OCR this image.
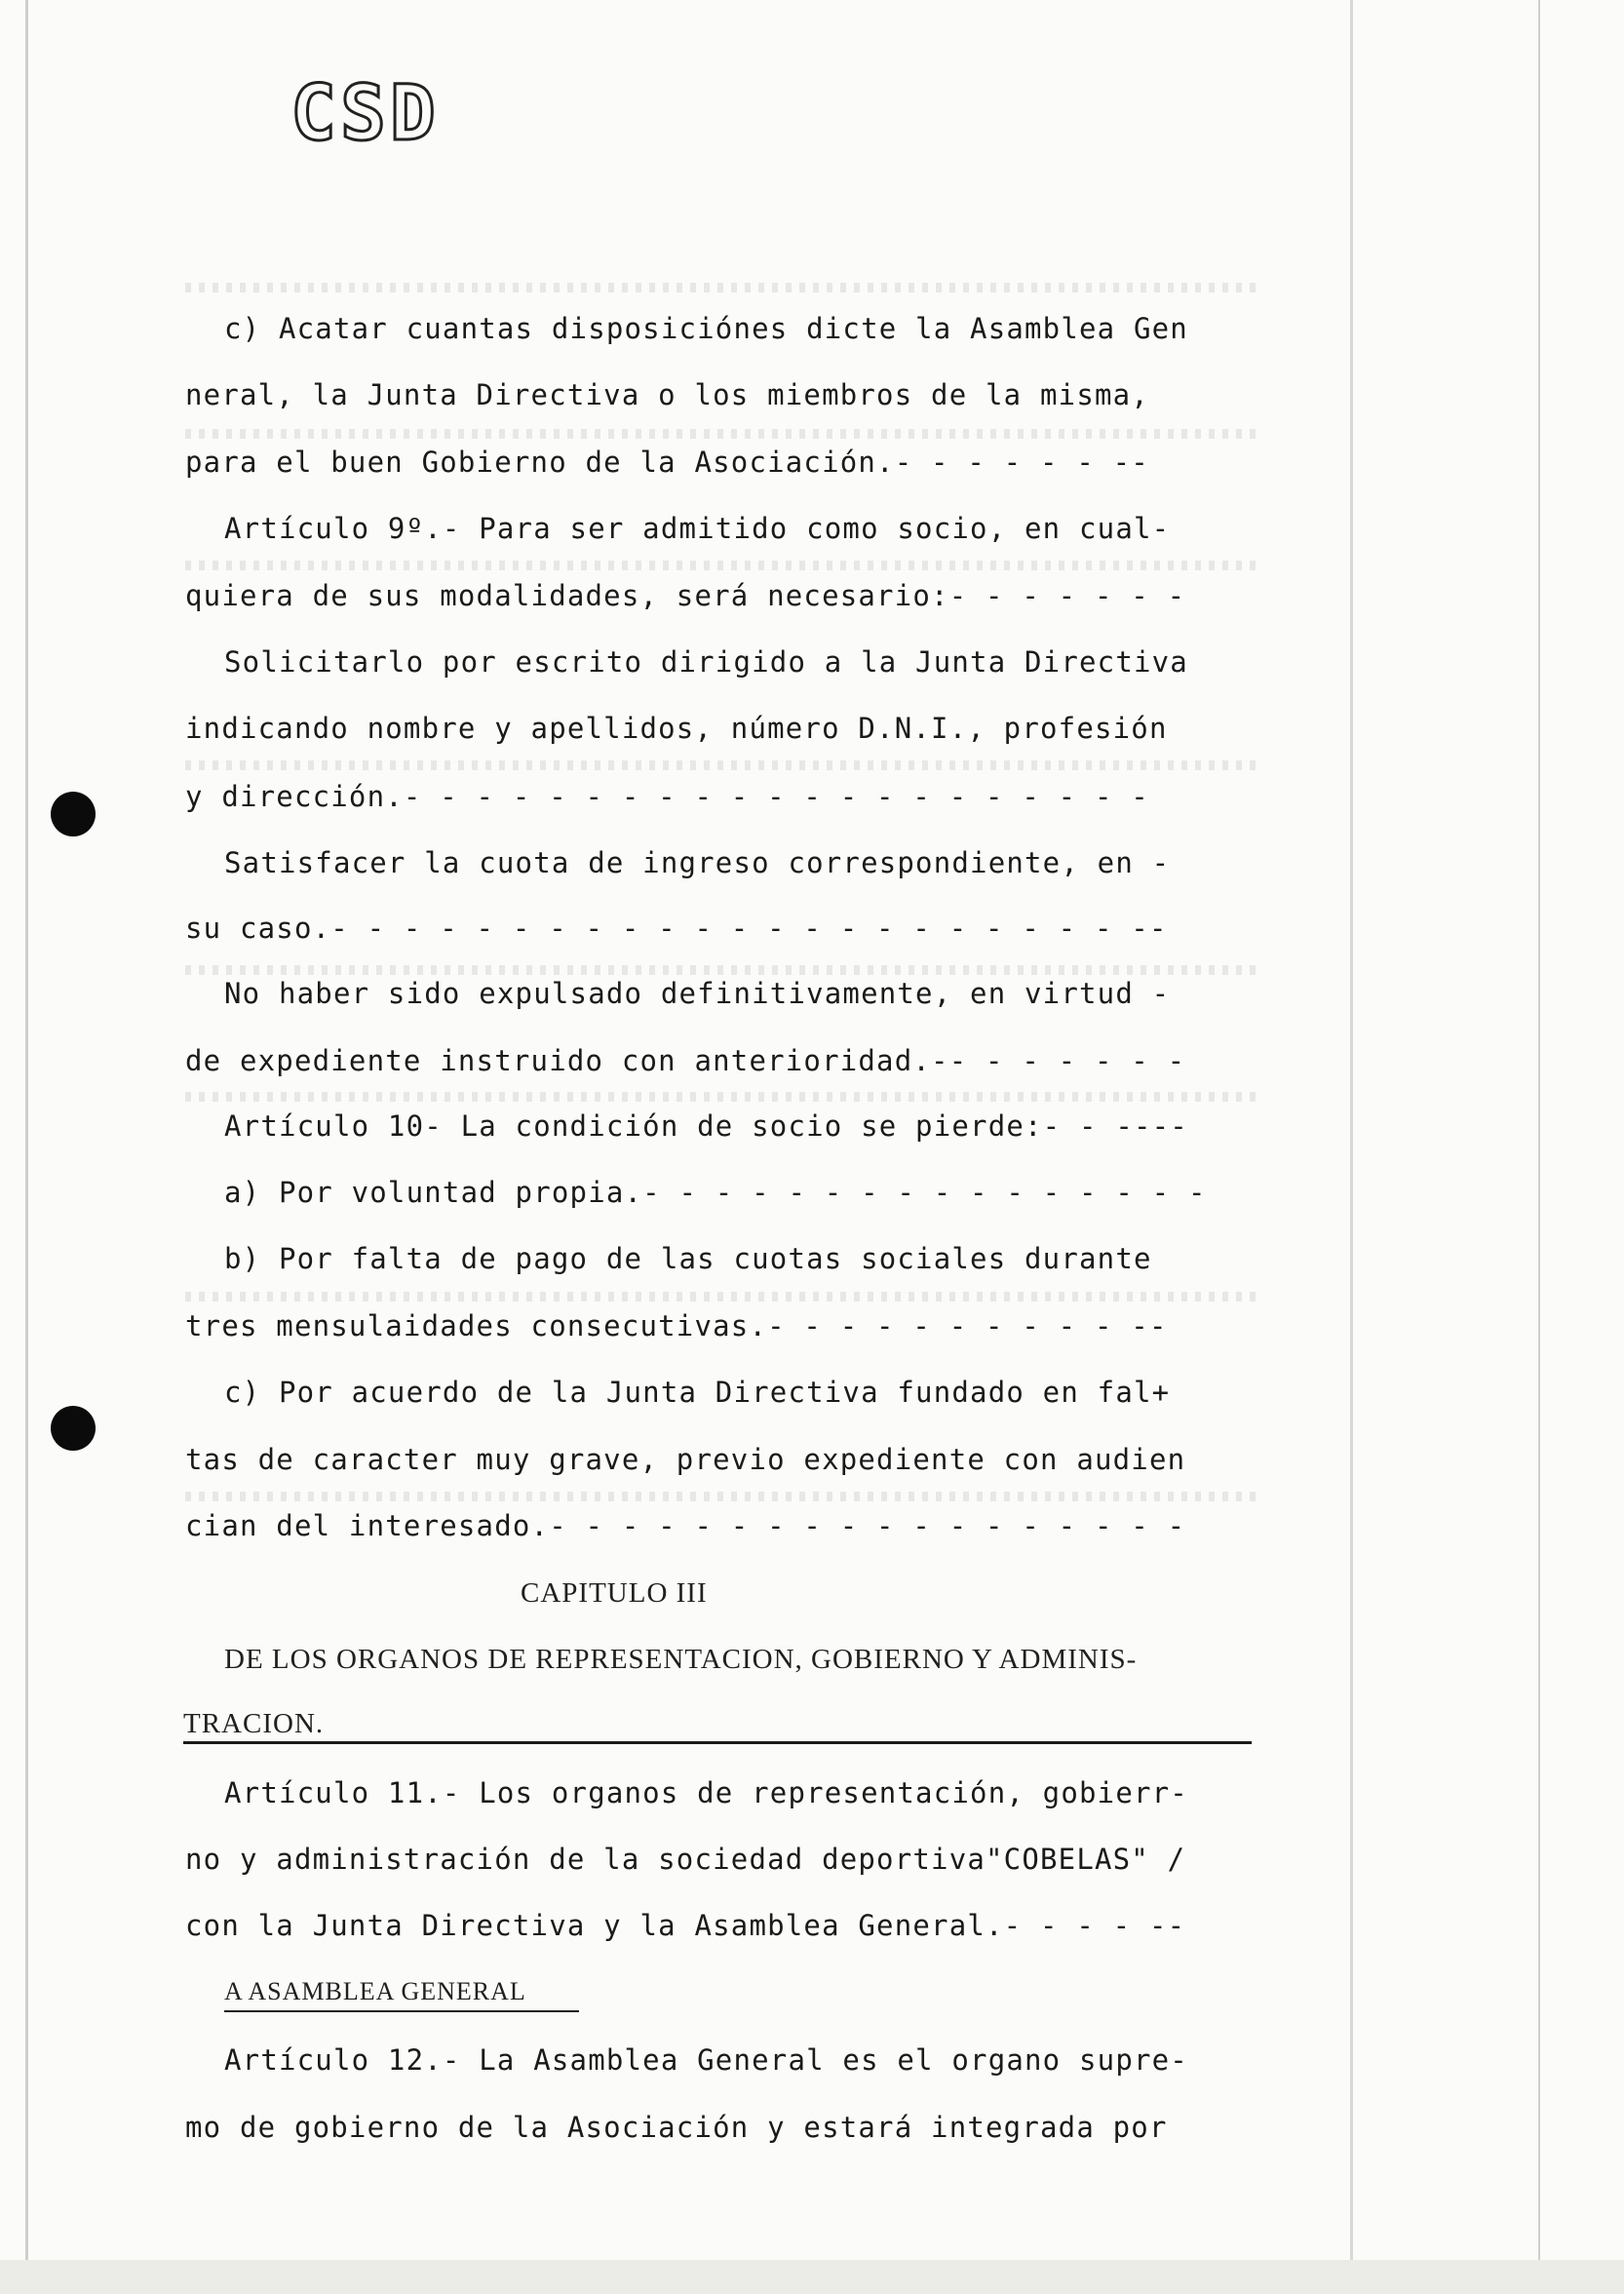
CSD
c) Acatar cuantas disposiciónes dicte la Asamblea Gen
neral, la Junta Directiva o los miembros de la misma,
para el buen Gobierno de la Asociación.- - - - - - --
Artículo 9º.- Para ser admitido como socio, en cual-
quiera de sus modalidades, será necesario:- - - - - - -
Solicitarlo por escrito dirigido a la Junta Directiva
indicando nombre y apellidos, número D.N.I., profesión
y dirección.- - - - - - - - - - - - - - - - - - - - -
Satisfacer la cuota de ingreso correspondiente, en -
su caso.- - - - - - - - - - - - - - - - - - - - - - --
No haber sido expulsado definitivamente, en virtud -
de expediente instruido con anterioridad.-- - - - - - -
Artículo 10- La condición de socio se pierde:- - ----
a) Por voluntad propia.- - - - - - - - - - - - - - - -
b) Por falta de pago de las cuotas sociales durante
tres mensulaidades consecutivas.- - - - - - - - - - --
c) Por acuerdo de la Junta Directiva fundado en fal+
tas de caracter muy grave, previo expediente con audien
cian del interesado.- - - - - - - - - - - - - - - - - -
CAPITULO III
DE LOS ORGANOS DE REPRESENTACION, GOBIERNO Y ADMINIS-
TRACION.
Artículo 11.- Los organos de representación, gobierr-
no y administración de la sociedad deportiva"COBELAS" /
con la Junta Directiva y la Asamblea General.- - - - --
A ASAMBLEA GENERAL
Artículo 12.- La Asamblea General es el organo supre-
mo de gobierno de la Asociación y estará integrada por
